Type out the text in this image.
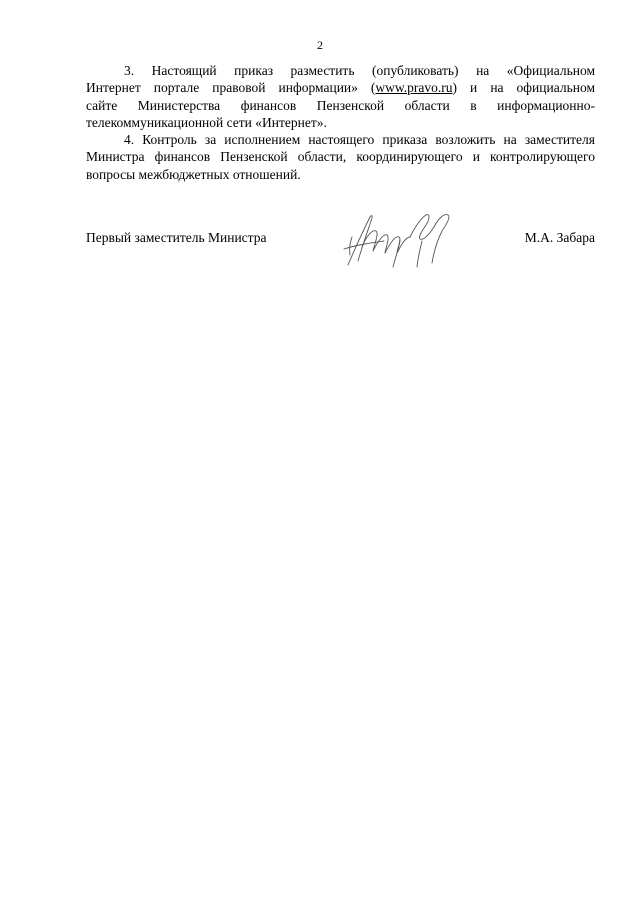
2

3. Настоящий приказ разместить (опубликовать) на «Официальном
Интернет портале правовой информации» (www.pravo.ru) и на официальном
сайте Министерства финансов Пензенской области в информационно-
телекоммуникационной сети «Интернет».

4. Контроль за исполнением настоящего приказа возложить на заместителя
Министра финансов Пензенской области, координирующего и контролирующего
вопросы межбюджетных отношений.

Первый заместитель Министра	М.А. Забара
